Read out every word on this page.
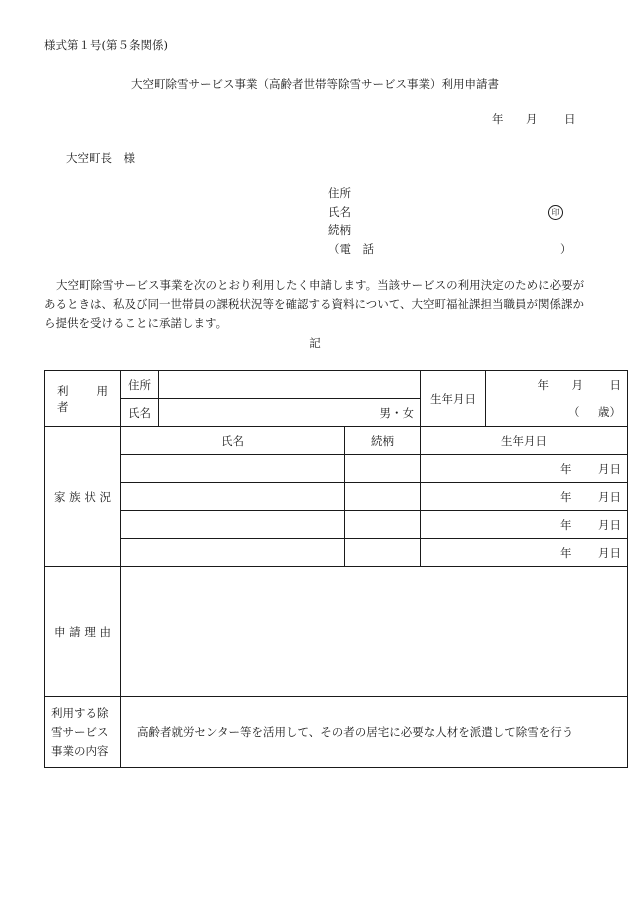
様式第１号(第５条関係)
大空町除雪サービス事業（高齢者世帯等除雪サービス事業）利用申請書
年 月 日
大空町長　様
住所
氏名	印
続柄
（電　話	）
大空町除雪サービス事業を次のとおり利用したく申請します。当該サービスの利用決定のために必要があるときは、私及び同一世帯員の課税状況等を確認する資料について、大空町福祉課担当職員が関係課から提供を受けることに承諾します。
記
利　用　者	住所			生年月日	年 月 日
（ 歳）

	氏名	男・女			
家 族 状 況	氏名		続柄	生年月日	
				年 月日	
				年 月日	
				年 月日	
				年 月日	
申 請 理 由					

利用する除
雪サービス
事業の内容	高齢者就労センター等を活用して、その者の居宅に必要な人材を派遣して除雪を行う				
